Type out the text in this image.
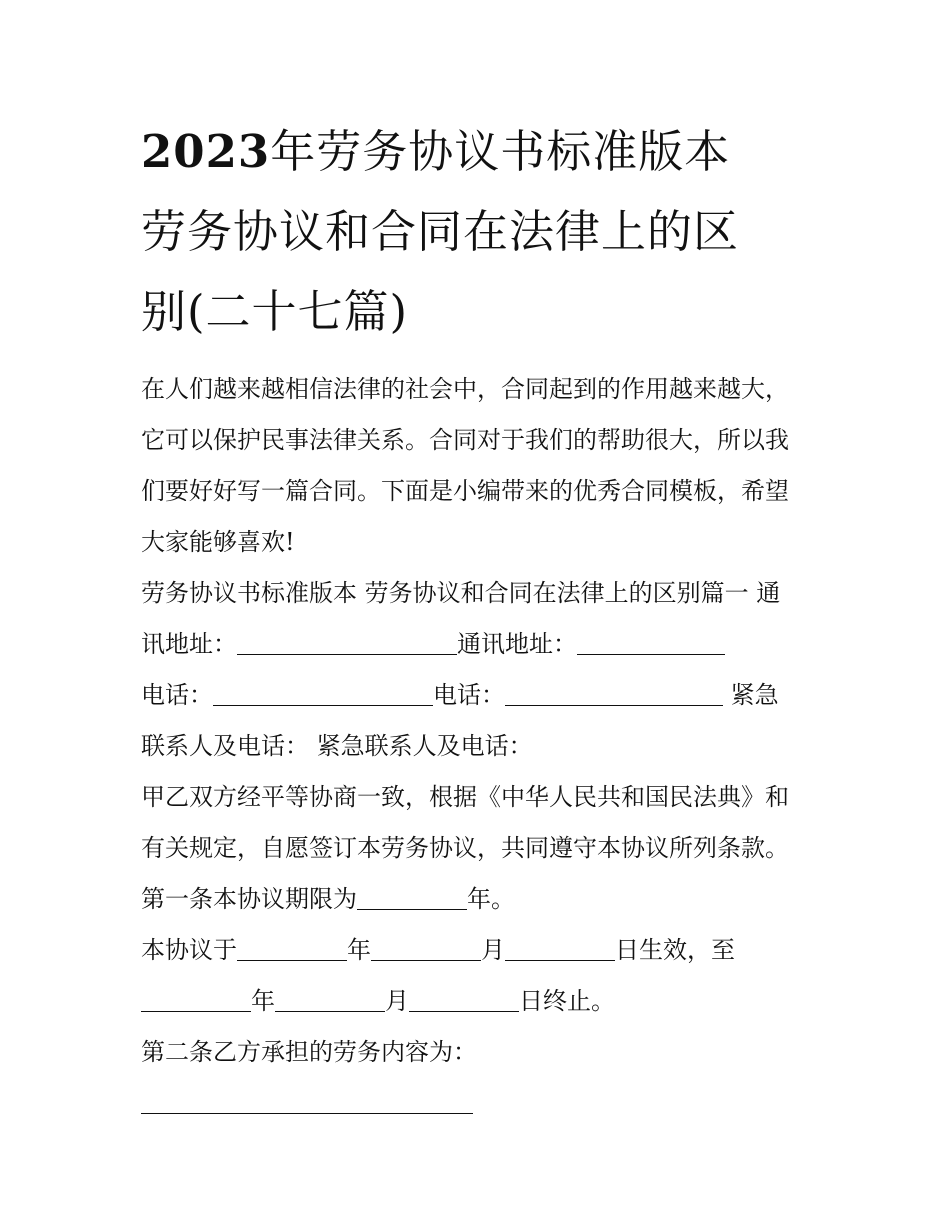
2023年劳务协议书标准版本
劳务协议和合同在法律上的区
别(二十七篇)

在人们越来越相信法律的社会中，合同起到的作用越来越大，

它可以保护民事法律关系。合同对于我们的帮助很大，所以我

们要好好写一篇合同。下面是小编带来的优秀合同模板，希望

大家能够喜欢!

劳务协议书标准版本 劳务协议和合同在法律上的区别篇一 通

讯地址：	通讯地址：

电话：	电话：	紧急

联系人及电话： 紧急联系人及电话：

甲乙双方经平等协商一致，根据《中华人民共和国民法典》和

有关规定，自愿签订本劳务协议，共同遵守本协议所列条款。

第一条本协议期限为	年。

本协议于	年	月	日生效，至

年	月	日终止。

第二条乙方承担的劳务内容为：
